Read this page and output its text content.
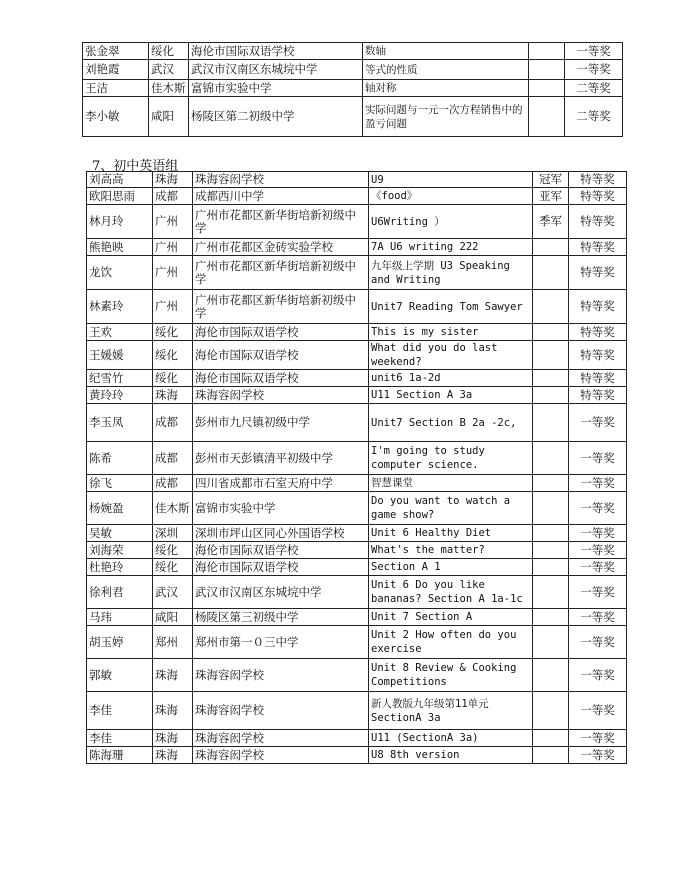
张金翠	绥化	海伦市国际双语学校	数轴		一等奖
刘艳霞	武汉	武汉市汉南区东城垸中学	等式的性质		一等奖
王洁	佳木斯	富锦市实验中学	轴对称		二等奖
李小敏	咸阳	杨陵区第二初级中学	实际问题与一元一次方程销售中的盈亏问题		二等奖
7、初中英语组
刘高高	珠海	珠海容闳学校	U9	冠军	特等奖
欧阳思雨	成都	成都西川中学	《food》	亚军	特等奖
林月玲	广州	广州市花都区新华街培新初级中学	U6Writing ）	季军	特等奖
熊艳映	广州	广州市花都区金砖实验学校	7A U6 writing 222		特等奖
龙饮	广州	广州市花都区新华街培新初级中学	九年级上学期 U3 Speaking and Writing		特等奖
林素玲	广州	广州市花都区新华街培新初级中学	Unit7 Reading Tom Sawyer		特等奖
王欢	绥化	海伦市国际双语学校	This is my sister		特等奖
王媛媛	绥化	海伦市国际双语学校	What did you do last weekend?		特等奖
纪雪竹	绥化	海伦市国际双语学校	unit6 1a-2d		特等奖
黄玲玲	珠海	珠海容闳学校	U11 Section A 3a		特等奖
李玉凤	成都	彭州市九尺镇初级中学	Unit7 Section B 2a -2c,		一等奖
陈希	成都	彭州市天彭镇清平初级中学	I'm going to study computer science.		一等奖
徐飞	成都	四川省成都市石室天府中学	智慧课堂		一等奖
杨婉盈	佳木斯	富锦市实验中学	Do you want to watch a game show?		一等奖
吴敏	深圳	深圳市坪山区同心外国语学校	Unit 6 Healthy Diet		一等奖
刘海荣	绥化	海伦市国际双语学校	What's the matter?		一等奖
杜艳玲	绥化	海伦市国际双语学校	Section A 1		一等奖
徐利君	武汉	武汉市汉南区东城垸中学	Unit 6 Do you like bananas? Section A 1a-1c		一等奖
马玮	咸阳	杨陵区第三初级中学	Unit 7 Section A		一等奖
胡玉婷	郑州	郑州市第一０三中学	Unit 2 How often do you exercise		一等奖
郭敏	珠海	珠海容闳学校	Unit 8 Review & Cooking Competitions		一等奖
李佳	珠海	珠海容闳学校	新人教版九年级第11单元 SectionA 3a		一等奖
李佳	珠海	珠海容闳学校	U11 (SectionA 3a)		一等奖
陈海珊	珠海	珠海容闳学校	U8 8th version		一等奖
